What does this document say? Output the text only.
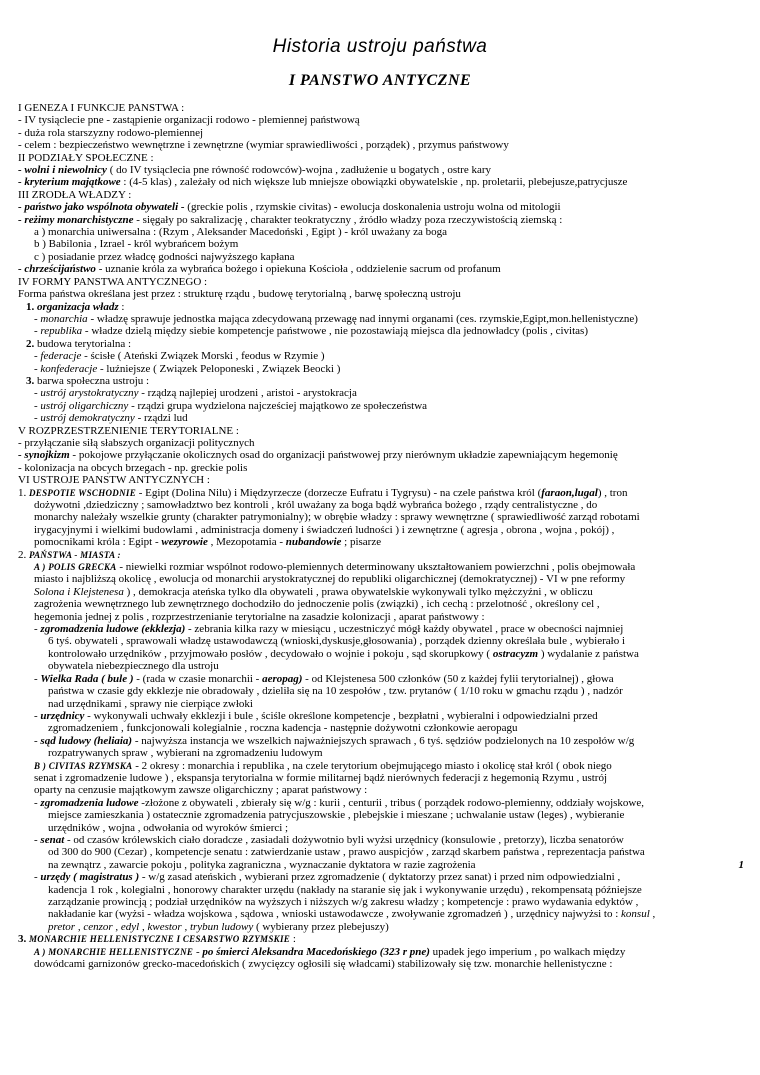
Historia ustroju państwa
I PANSTWO ANTYCZNE
I GENEZA I FUNKCJE PANSTWA :
- IV tysiąclecie pne - zastąpienie organizacji rodowo - plemiennej państwową
- duża rola starszyzny rodowo-plemiennej
- celem : bezpieczeństwo wewnętrzne i zewnętrzne (wymiar sprawiedliwości , porządek) , przymus państwowy
II PODZIAŁY SPOŁECZNE :
- wolni i niewolnicy ( do IV tysiąclecia pne równość rodowców)-wojna , zadłużenie u bogatych , ostre kary
- kryterium majątkowe : (4-5 klas) , zależały od nich większe lub mniejsze obowiązki obywatelskie , np. proletarii, plebejusze,patrycjusze
III ZRODŁA WŁADZY :
- państwo jako wspólnota obywateli - (greckie polis , rzymskie civitas) - ewolucja doskonalenia ustroju wolna od mitologii
- reżimy monarchistyczne - sięgały po sakralizację , charakter teokratyczny , źródło władzy poza rzeczywistością ziemską :
a ) monarchia uniwersalna : (Rzym , Aleksander Macedoński , Egipt ) - król uważany za boga
b ) Babilonia , Izrael - król wybrańcem bożym
c ) posiadanie przez władcę godności najwyższego kapłana
- chrześcijaństwo - uznanie króla za wybrańca bożego i opiekuna Kościoła , oddzielenie sacrum od profanum
IV FORMY PANSTWA ANTYCZNEGO :
Forma państwa określana jest przez : strukturę rządu , budowę terytorialną , barwę społeczną ustroju
1. organizacja władz :
- monarchia - władzę sprawuje jednostka mająca zdecydowaną przewagę nad innymi organami (ces. rzymskie,Egipt,mon.hellenistyczne)
- republika - władze dzielą między siebie kompetencje państwowe , nie pozostawiają miejsca dla jednowładcy (polis , civitas)
2. budowa terytorialna :
- federacje - ścisłe ( Ateński Związek Morski , feodus w Rzymie )
- konfederacje - luźniejsze ( Związek Peloponeski , Związek Beocki )
3. barwa społeczna ustroju :
- ustrój arystokratyczny - rządzą najlepiej urodzeni , aristoi - arystokracja
- ustrój oligarchiczny - rządzi grupa wydzielona najcześciej majątkowo ze społeczeństwa
- ustrój demokratyczny - rządzi lud
V ROZPRZESTRZENIENIE TERYTORIALNE :
- przyłączanie siłą słabszych organizacji politycznych
- synojkizm - pokojowe przyłączanie okolicznych osad do organizacji państwowej przy nierównym układzie zapewniającym hegemonię
- kolonizacja na obcych brzegach - np. greckie polis
VI USTROJE PANSTW ANTYCZNYCH :
1. DESPOTIE WSCHODNIE - Egipt (Dolina Nilu) i Międzyrzecze (dorzecze Eufratu i Tygrysu) - na czele państwa król (faraon,lugal) , tron
dożywotni ,dziedziczny ; samowładztwo bez kontroli , król uważany za boga bądź wybrańca bożego , rządy centralistyczne , do
monarchy należały wszelkie grunty (charakter patrymonialny); w obrębie władzy : sprawy wewnętrzne ( sprawiedliwość zarząd robotami
irygacyjnymi i wielkimi budowlami , administracja domeny i świadczeń ludności ) i zewnętrzne ( agresja , obrona , wojna , pokój) ,
pomocnikami króla : Egipt - wezyrowie , Mezopotamia - nubandowie ; pisarze
2. PAŃSTWA - MIASTA :
A ) POLIS GRECKA - niewielki rozmiar wspólnot rodowo-plemiennych determinowany ukształtowaniem powierzchni , polis obejmowała
miasto i najbliższą okolicę , ewolucja od monarchii arystokratycznej do republiki oligarchicznej (demokratycznej) - VI w pne reformy
Solona i Klejstenesa ) , demokracja ateńska tylko dla obywateli , prawa obywatelskie wykonywali tylko mężczyźni , w obliczu
zagrożenia wewnętrznego lub zewnętrznego dochodziło do jednoczenie polis (związki) , ich cechą : przelotność , określony cel ,
hegemonia jednej z polis , rozprzestrzenianie terytorialne na zasadzie kolonizacji , aparat państwowy :
- zgromadzenia ludowe (ekklezja) - zebrania kilka razy w miesiącu , uczestniczyć mógł każdy obywatel , prace w obecności najmniej
6 tyś. obywateli , sprawowali władzę ustawodawczą (wnioski,dyskusje,głosowania) , porządek dzienny określała bule , wybierało i
kontrolowało urzędników , przyjmowało posłów , decydowało o wojnie i pokoju , sąd skorupkowy ( ostracyzm ) wydalanie z państwa
obywatela niebezpiecznego dla ustroju
- Wielka Rada ( bule ) - (rada w czasie monarchii - aeropag) - od Klejstenesa 500 członków (50 z każdej fylii terytorialnej) , głowa
państwa w czasie gdy ekklezje nie obradowały , dzieliła się na 10 zespołów , tzw. prytanów ( 1/10 roku w gmachu rządu ) , nadzór
nad urzędnikami , sprawy nie cierpiące zwłoki
- urzędnicy - wykonywali uchwały ekklezji i bule , ściśle określone kompetencje , bezpłatni , wybieralni i odpowiedzialni przed
zgromadzeniem , funkcjonowali kolegialnie , roczna kadencja - następnie dożywotni członkowie aeropagu
- sąd ludowy (heliaia) - najwyższa instancja we wszelkich najważniejszych sprawach , 6 tyś. sędziów podzielonych na 10 zespołów w/g
rozpatrywanych spraw , wybierani na zgromadzeniu ludowym
B ) CIVITAS RZYMSKA - 2 okresy : monarchia i republika , na czele terytorium obejmującego miasto i okolicę stał król ( obok niego
senat i zgromadzenie ludowe ) , ekspansja terytorialna w formie militarnej bądź nierównych federacji z hegemonią Rzymu , ustrój
oparty na cenzusie majątkowym zawsze oligarchiczny ; aparat państwowy :
- zgromadzenia ludowe -złożone z obywateli , zbierały się w/g : kurii , centurii , tribus ( porządek rodowo-plemienny, oddziały wojskowe,
miejsce zamieszkania ) ostatecznie zgromadzenia patrycjuszowskie , plebejskie i mieszane ; uchwalanie ustaw (leges) , wybieranie
urzędników , wojna , odwołania od wyroków śmierci ;
- senat - od czasów królewskich ciało doradcze , zasiadali dożywotnio byli wyżsi urzędnicy (konsulowie , pretorzy), liczba senatorów
od 300 do 900 (Cezar) , kompetencje senatu : zatwierdzanie ustaw , prawo auspicjów , zarząd skarbem państwa , reprezentacja państwa
1
na zewnątrz , zawarcie pokoju , polityka zagraniczna , wyznaczanie dyktatora w razie zagrożenia
- urzędy ( magistratus ) - w/g zasad ateńskich , wybierani przez zgromadzenie ( dyktatorzy przez sanat) i przed nim odpowiedzialni ,
kadencja 1 rok , kolegialni , honorowy charakter urzędu (nakłady na staranie się jak i wykonywanie urzędu) , rekompensatą późniejsze
zarządzanie prowincją ; podział urzędników na wyższych i niższych w/g zakresu władzy ; kompetencje : prawo wydawania edyktów ,
nakładanie kar (wyżsi - władza wojskowa , sądowa , wnioski ustawodawcze , zwoływanie zgromadzeń ) , urzędnicy najwyżsi to : konsul ,
pretor , cenzor , edyl , kwestor , trybun ludowy ( wybierany przez plebejuszy)
3. MONARCHIE HELLENISTYCZNE I CESARSTWO RZYMSKIE :
A ) MONARCHIE HELLENISTYCZNE - po śmierci Aleksandra Macedońskiego (323 r pne) upadek jego imperium , po walkach między
dowódcami garnizonów grecko-macedońskich ( zwycięzcy ogłosili się władcami) stabilizowały się tzw. monarchie hellenistyczne :
